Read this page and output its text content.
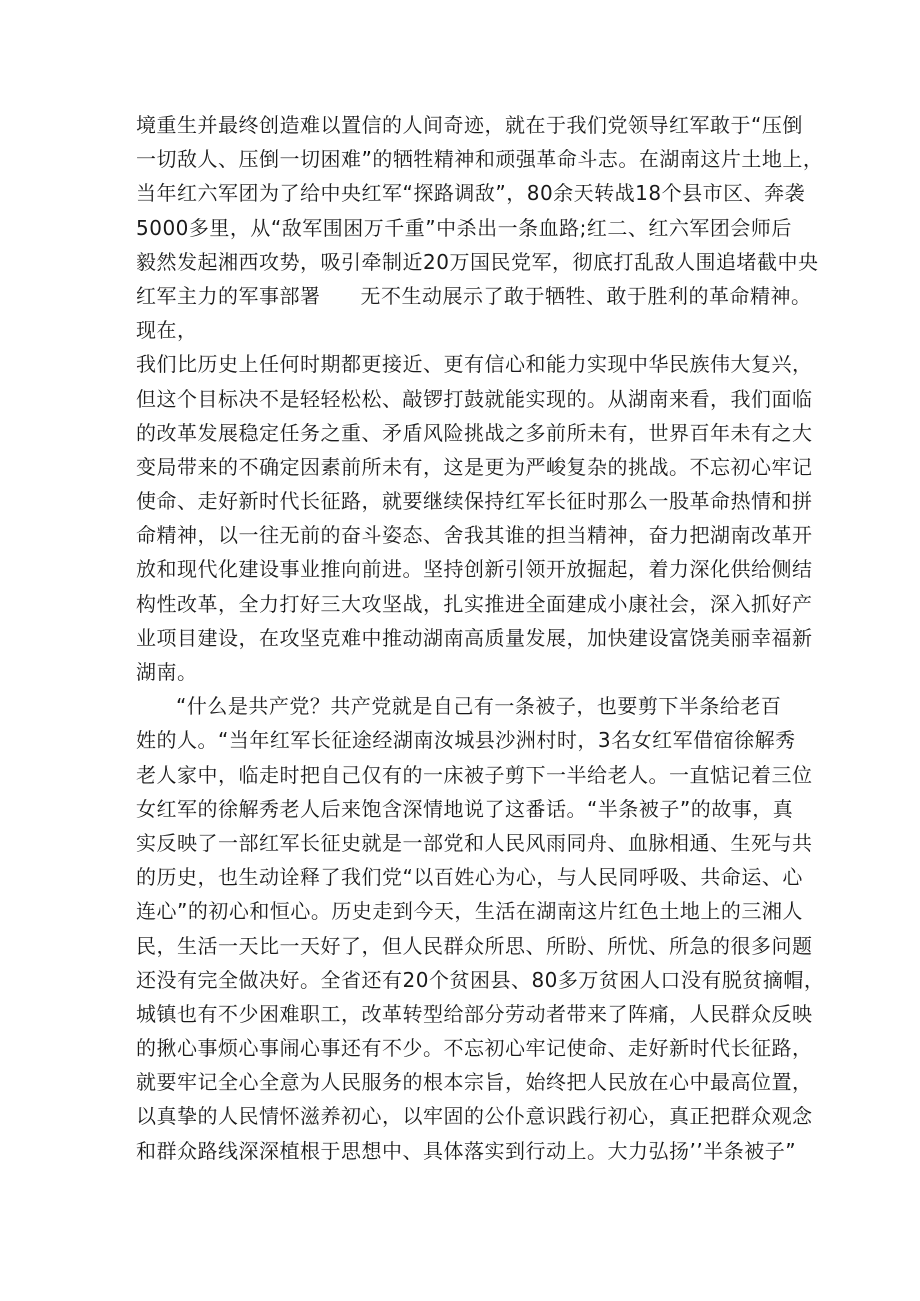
境重生并最终创造难以置信的人间奇迹，就在于我们党领导红军敢于“压倒
一切敌人、压倒一切困难”的牺牲精神和顽强革命斗志。在湖南这片土地上，
当年红六军团为了给中央红军“探路调敌”，80余天转战18个县市区、奔袭
5000多里，从“敌军围困万千重”中杀出一条血路;红二、红六军团会师后
毅然发起湘西攻势，吸引牵制近20万国民党军，彻底打乱敌人围追堵截中央
红军主力的军事部署 无不生动展示了敢于牺牲、敢于胜利的革命精神。
现在，
我们比历史上任何时期都更接近、更有信心和能力实现中华民族伟大复兴，
但这个目标决不是轻轻松松、敲锣打鼓就能实现的。从湖南来看，我们面临
的改革发展稳定任务之重、矛盾风险挑战之多前所未有，世界百年未有之大
变局带来的不确定因素前所未有，这是更为严峻复杂的挑战。不忘初心牢记
使命、走好新时代长征路，就要继续保持红军长征时那么一股革命热情和拼
命精神，以一往无前的奋斗姿态、舍我其谁的担当精神，奋力把湖南改革开
放和现代化建设事业推向前进。坚持创新引领开放掘起，着力深化供给侧结
构性改革，全力打好三大攻坚战，扎实推进全面建成小康社会，深入抓好产
业项目建设，在攻坚克难中推动湖南高质量发展，加快建设富饶美丽幸福新
湖南。
“什么是共产党？共产党就是自己有一条被子，也要剪下半条给老百
姓的人。“当年红军长征途经湖南汝城县沙洲村时，3名女红军借宿徐解秀
老人家中，临走时把自己仅有的一床被子剪下一半给老人。一直惦记着三位
女红军的徐解秀老人后来饱含深情地说了这番话。“半条被子”的故事，真
实反映了一部红军长征史就是一部党和人民风雨同舟、血脉相通、生死与共
的历史，也生动诠释了我们党“以百姓心为心，与人民同呼吸、共命运、心
连心”的初心和恒心。历史走到今天，生活在湖南这片红色土地上的三湘人
民，生活一天比一天好了，但人民群众所思、所盼、所忧、所急的很多问题
还没有完全做决好。全省还有20个贫困县、80多万贫困人口没有脱贫摘帽，
城镇也有不少困难职工，改革转型给部分劳动者带来了阵痛，人民群众反映
的揪心事烦心事闹心事还有不少。不忘初心牢记使命、走好新时代长征路，
就要牢记全心全意为人民服务的根本宗旨，始终把人民放在心中最高位置，
以真挚的人民情怀滋养初心，以牢固的公仆意识践行初心，真正把群众观念
和群众路线深深植根于思想中、具体落实到行动上。大力弘扬’’半条被子”
